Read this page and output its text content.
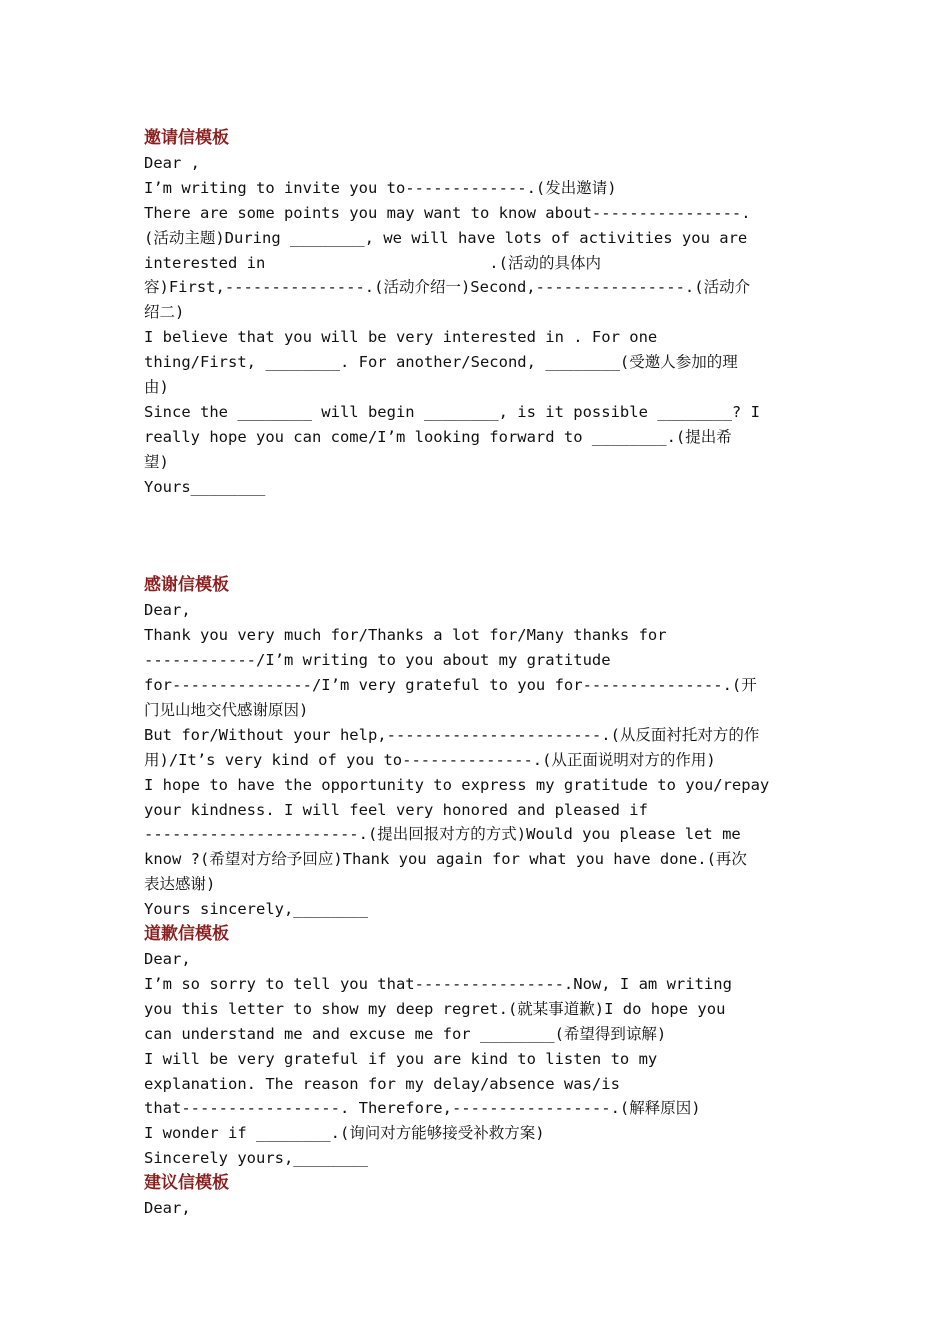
邀请信模板
Dear ,
I’m writing to invite you to-------------.(发出邀请)
There are some points you may want to know about----------------.
(活动主题)During ________, we will have lots of activities you are
interested in                        .(活动的具体内
容)First,---------------.(活动介绍一)Second,----------------.(活动介
绍二)
I believe that you will be very interested in . For one
thing/First, ________. For another/Second, ________(受邀人参加的理
由)
Since the ________ will begin ________, is it possible ________? I
really hope you can come/I’m looking forward to ________.(提出希
望)
Yours________
感谢信模板
Dear,
Thank you very much for/Thanks a lot for/Many thanks for
------------/I’m writing to you about my gratitude
for---------------/I’m very grateful to you for---------------.(开
门见山地交代感谢原因)
But for/Without your help,-----------------------.(从反面衬托对方的作
用)/It’s very kind of you to--------------.(从正面说明对方的作用)
I hope to have the opportunity to express my gratitude to you/repay
your kindness. I will feel very honored and pleased if
-----------------------.(提出回报对方的方式)Would you please let me
know ?(希望对方给予回应)Thank you again for what you have done.(再次
表达感谢)
Yours sincerely,________
道歉信模板
Dear,
I’m so sorry to tell you that----------------.Now, I am writing
you this letter to show my deep regret.(就某事道歉)I do hope you
can understand me and excuse me for ________(希望得到谅解)
I will be very grateful if you are kind to listen to my
explanation. The reason for my delay/absence was/is
that-----------------. Therefore,-----------------.(解释原因)
I wonder if ________.(询问对方能够接受补救方案)
Sincerely yours,________
建议信模板
Dear,
